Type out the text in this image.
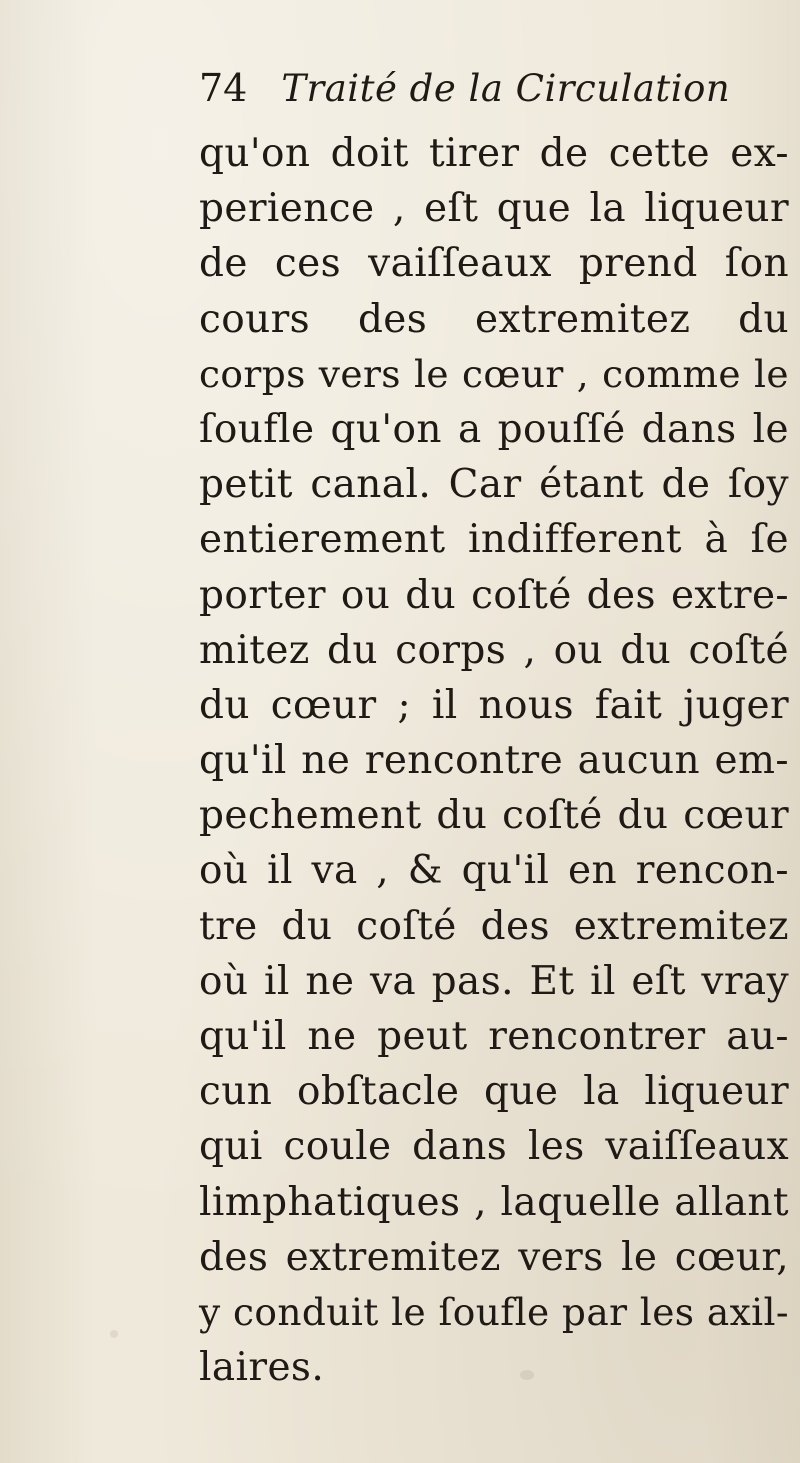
74 Traité de la Circulation
qu'on doit tirer de cette ex-
perience , eſt que la liqueur
de ces vaiſſeaux prend ſon
cours des extremitez du
corps vers le cœur , comme le
ſoufle qu'on a pouſſé dans le
petit canal. Car étant de ſoy
entierement indifferent à ſe
porter ou du coſté des extre-
mitez du corps , ou du coſté
du cœur ; il nous fait juger
qu'il ne rencontre aucun em-
pechement du coſté du cœur
où il va , & qu'il en rencon-
tre du coſté des extremitez
où il ne va pas. Et il eſt vray
qu'il ne peut rencontrer au-
cun obſtacle que la liqueur
qui coule dans les vaiſſeaux
limphatiques , laquelle allant
des extremitez vers le cœur,
y conduit le ſoufle par les axil-
laires.
